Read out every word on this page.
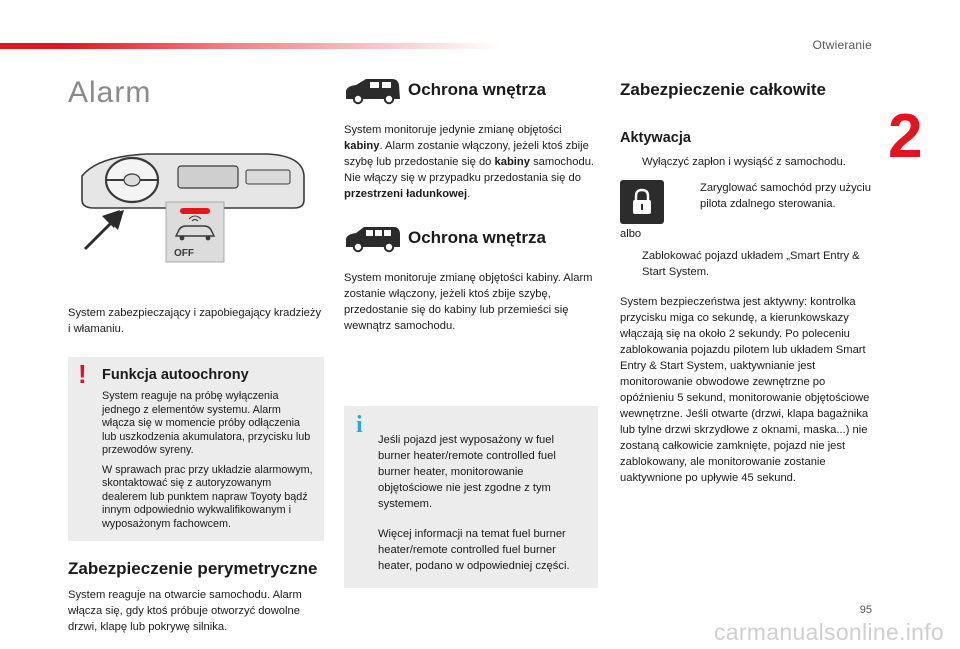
Otwieranie
2
95
carmanualsonline.info
Alarm
OFF

System zabezpieczający i zapobiegający kradzieży i włamaniu.

! Funkcja autoochrony

System reaguje na próbę wyłączenia jednego z elementów systemu. Alarm włącza się w momencie próby odłączenia lub uszkodzenia akumulatora, przycisku lub przewodów syreny.

W sprawach prac przy układzie alarmowym, skontaktować się z autoryzowanym dealerem lub punktem napraw Toyoty bądź innym odpowiednio wykwalifikowanym i wyposażonym fachowcem.

Zabezpieczenie perymetryczne

System reaguje na otwarcie samochodu. Alarm włącza się, gdy ktoś próbuje otworzyć dowolne drzwi, klapę lub pokrywę silnika.

Ochrona wnętrza

System monitoruje jedynie zmianę objętości kabiny. Alarm zostanie włączony, jeżeli ktoś zbije szybę lub przedostanie się do kabiny samochodu. Nie włączy się w przypadku przedostania się do przestrzeni ładunkowej.

Ochrona wnętrza

System monitoruje zmianę objętości kabiny. Alarm zostanie włączony, jeżeli ktoś zbije szybę, przedostanie się do kabiny lub przemieści się wewnątrz samochodu.

i

Jeśli pojazd jest wyposażony w fuel burner heater/remote controlled fuel burner heater, monitorowanie objętościowe nie jest zgodne z tym systemem.

Więcej informacji na temat fuel burner heater/remote controlled fuel burner heater, podano w odpowiedniej części.

Zabezpieczenie całkowite

Aktywacja

Wyłączyć zapłon i wysiąść z samochodu.
Zaryglować samochód przy użyciu pilota zdalnego sterowania.
albo
Zablokować pojazd układem „Smart Entry & Start System.

System bezpieczeństwa jest aktywny: kontrolka przycisku miga co sekundę, a kierunkowskazy włączają się na około 2 sekundy. Po poleceniu zablokowania pojazdu pilotem lub układem Smart Entry & Start System, uaktywnianie jest monitorowanie obwodowe zewnętrzne po opóźnieniu 5 sekund, monitorowanie objętościowe wewnętrzne. Jeśli otwarte (drzwi, klapa bagażnika lub tylne drzwi skrzydłowe z oknami, maska...) nie zostaną całkowicie zamknięte, pojazd nie jest zablokowany, ale monitorowanie zostanie uaktywnione po upływie 45 sekund.
